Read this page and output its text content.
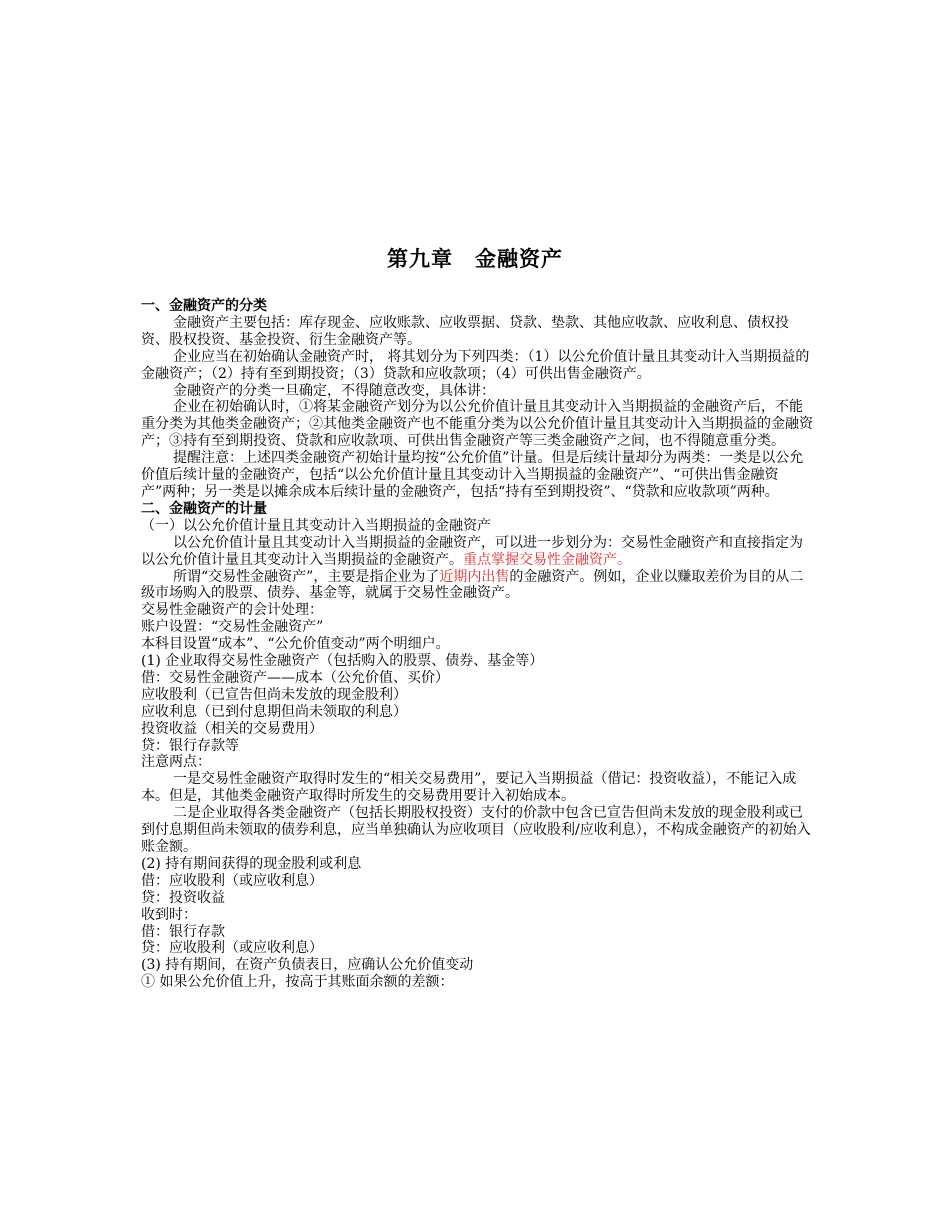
第九章 金融资产

一、金融资产的分类

金融资产主要包括：库存现金、应收账款、应收票据、贷款、垫款、其他应收款、应收利息、债权投资、股权投资、基金投资、衍生金融资产等。

企业应当在初始确认金融资产时， 将其划分为下列四类：（1）以公允价值计量且其变动计入当期损益的金融资产；（2）持有至到期投资；（3）贷款和应收款项；（4）可供出售金融资产。

金融资产的分类一旦确定，不得随意改变，具体讲：

企业在初始确认时，①将某金融资产划分为以公允价值计量且其变动计入当期损益的金融资产后，不能重分类为其他类金融资产；②其他类金融资产也不能重分类为以公允价值计量且其变动计入当期损益的金融资产；③持有至到期投资、贷款和应收款项、可供出售金融资产等三类金融资产之间，也不得随意重分类。

提醒注意：上述四类金融资产初始计量均按“公允价值”计量。但是后续计量却分为两类：一类是以公允价值后续计量的金融资产，包括“以公允价值计量且其变动计入当期损益的金融资产”、“可供出售金融资产”两种；另一类是以摊余成本后续计量的金融资产，包括“持有至到期投资”、“贷款和应收款项”两种。

二、金融资产的计量

（一）以公允价值计量且其变动计入当期损益的金融资产

以公允价值计量且其变动计入当期损益的金融资产，可以进一步划分为：交易性金融资产和直接指定为以公允价值计量且其变动计入当期损益的金融资产。重点掌握交易性金融资产。

所谓“交易性金融资产”，主要是指企业为了近期内出售的金融资产。例如，企业以赚取差价为目的从二级市场购入的股票、债券、基金等，就属于交易性金融资产。

交易性金融资产的会计处理：

账户设置：“交易性金融资产”

本科目设置“成本”、“公允价值变动”两个明细户。

(1) 企业取得交易性金融资产（包括购入的股票、债券、基金等）

借：交易性金融资产——成本（公允价值、买价）

应收股利（已宣告但尚未发放的现金股利）

应收利息（已到付息期但尚未领取的利息）

投资收益（相关的交易费用）

贷：银行存款等

注意两点：

一是交易性金融资产取得时发生的“相关交易费用”，要记入当期损益（借记：投资收益），不能记入成本。但是，其他类金融资产取得时所发生的交易费用要计入初始成本。

二是企业取得各类金融资产（包括长期股权投资）支付的价款中包含已宣告但尚未发放的现金股利或已到付息期但尚未领取的债券利息，应当单独确认为应收项目（应收股利/应收利息），不构成金融资产的初始入账金额。

(2) 持有期间获得的现金股利或利息

借：应收股利（或应收利息）

贷：投资收益

收到时：

借：银行存款

贷：应收股利（或应收利息）

(3) 持有期间，在资产负债表日，应确认公允价值变动

① 如果公允价值上升，按高于其账面余额的差额：
